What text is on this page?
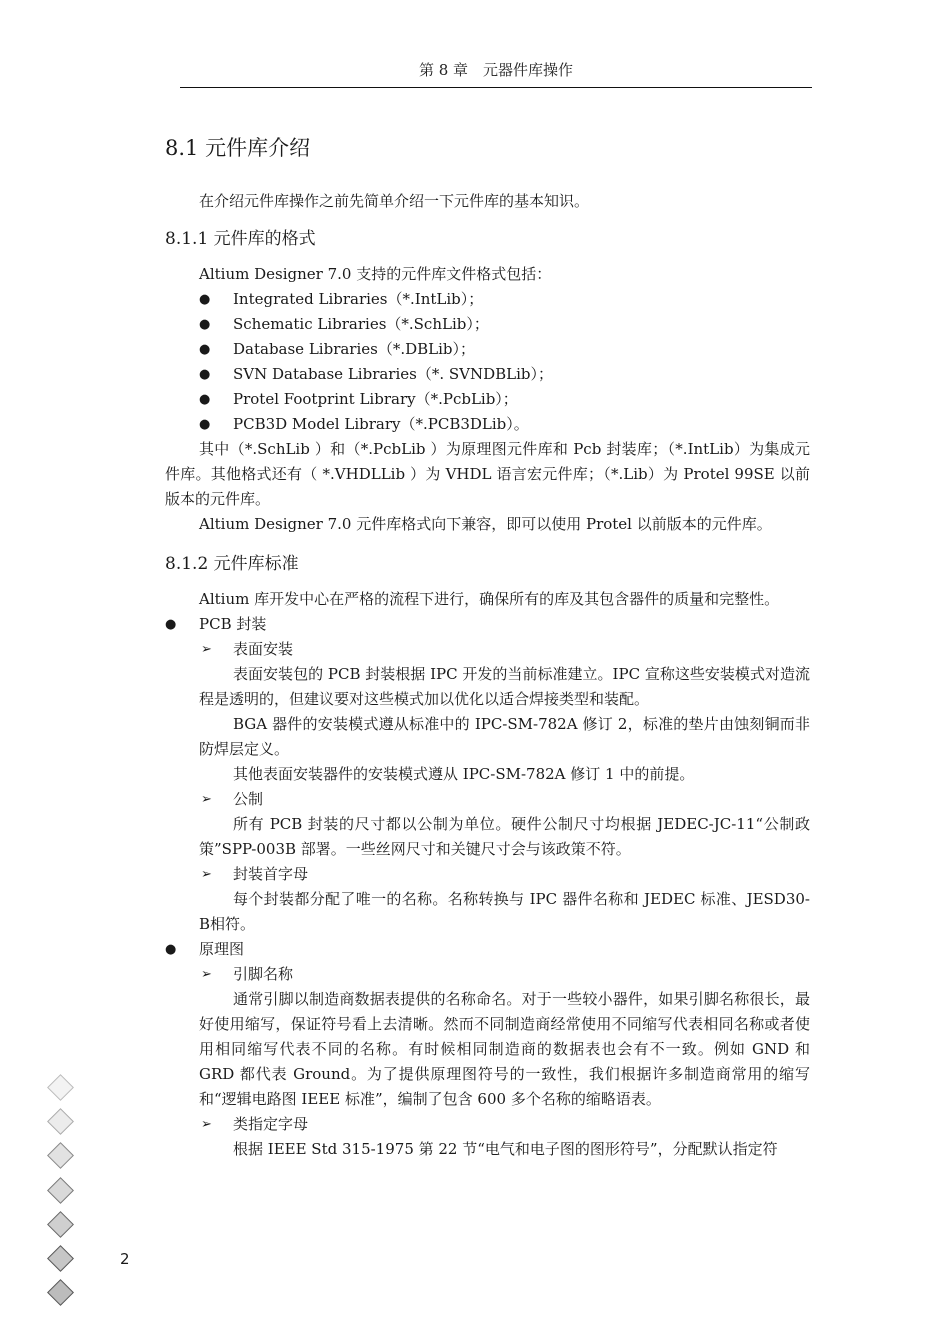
第 8 章　元器件库操作
8.1 元件库介绍

在介绍元件库操作之前先简单介绍一下元件库的基本知识。

8.1.1 元件库的格式

Altium Designer 7.0 支持的元件库文件格式包括：

● Integrated Libraries（*.IntLib）；
● Schematic Libraries（*.SchLib）；
● Database Libraries（*.DBLib）；
● SVN Database Libraries（*. SVNDBLib）；
● Protel Footprint Library（*.PcbLib）；
● PCB3D Model Library（*.PCB3DLib）。

其中（*.SchLib ）和（*.PcbLib ）为原理图元件库和 Pcb 封装库；（*.IntLib）为集成元件库。其他格式还有（ *.VHDLLib ）为 VHDL 语言宏元件库；（*.Lib）为 Protel 99SE 以前版本的元件库。

Altium Designer 7.0 元件库格式向下兼容，即可以使用 Protel 以前版本的元件库。

8.1.2 元件库标准

Altium 库开发中心在严格的流程下进行，确保所有的库及其包含器件的质量和完整性。

● PCB 封装
➢ 表面安装

表面安装包的 PCB 封装根据 IPC 开发的当前标准建立。IPC 宣称这些安装模式对造流程是透明的，但建议要对这些模式加以优化以适合焊接类型和装配。

BGA 器件的安装模式遵从标准中的 IPC-SM-782A 修订 2，标准的垫片由蚀刻铜而非防焊层定义。

其他表面安装器件的安装模式遵从 IPC-SM-782A 修订 1 中的前提。

➢ 公制

所有 PCB 封装的尺寸都以公制为单位。硬件公制尺寸均根据 JEDEC-JC-11“公制政策”SPP-003B 部署。一些丝网尺寸和关键尺寸会与该政策不符。

➢ 封装首字母

每个封装都分配了唯一的名称。名称转换与 IPC 器件名称和 JEDEC 标准、JESD30-B相符。

● 原理图
➢ 引脚名称

通常引脚以制造商数据表提供的名称命名。对于一些较小器件，如果引脚名称很长，最好使用缩写，保证符号看上去清晰。然而不同制造商经常使用不同缩写代表相同名称或者使用相同缩写代表不同的名称。有时候相同制造商的数据表也会有不一致。例如 GND 和 GRD 都代表 Ground。为了提供原理图符号的一致性，我们根据许多制造商常用的缩写和“逻辑电路图 IEEE 标准”，编制了包含 600 多个名称的缩略语表。

➢ 类指定字母

根据 IEEE Std 315-1975 第 22 节“电气和电子图的图形符号”，分配默认指定符

2
